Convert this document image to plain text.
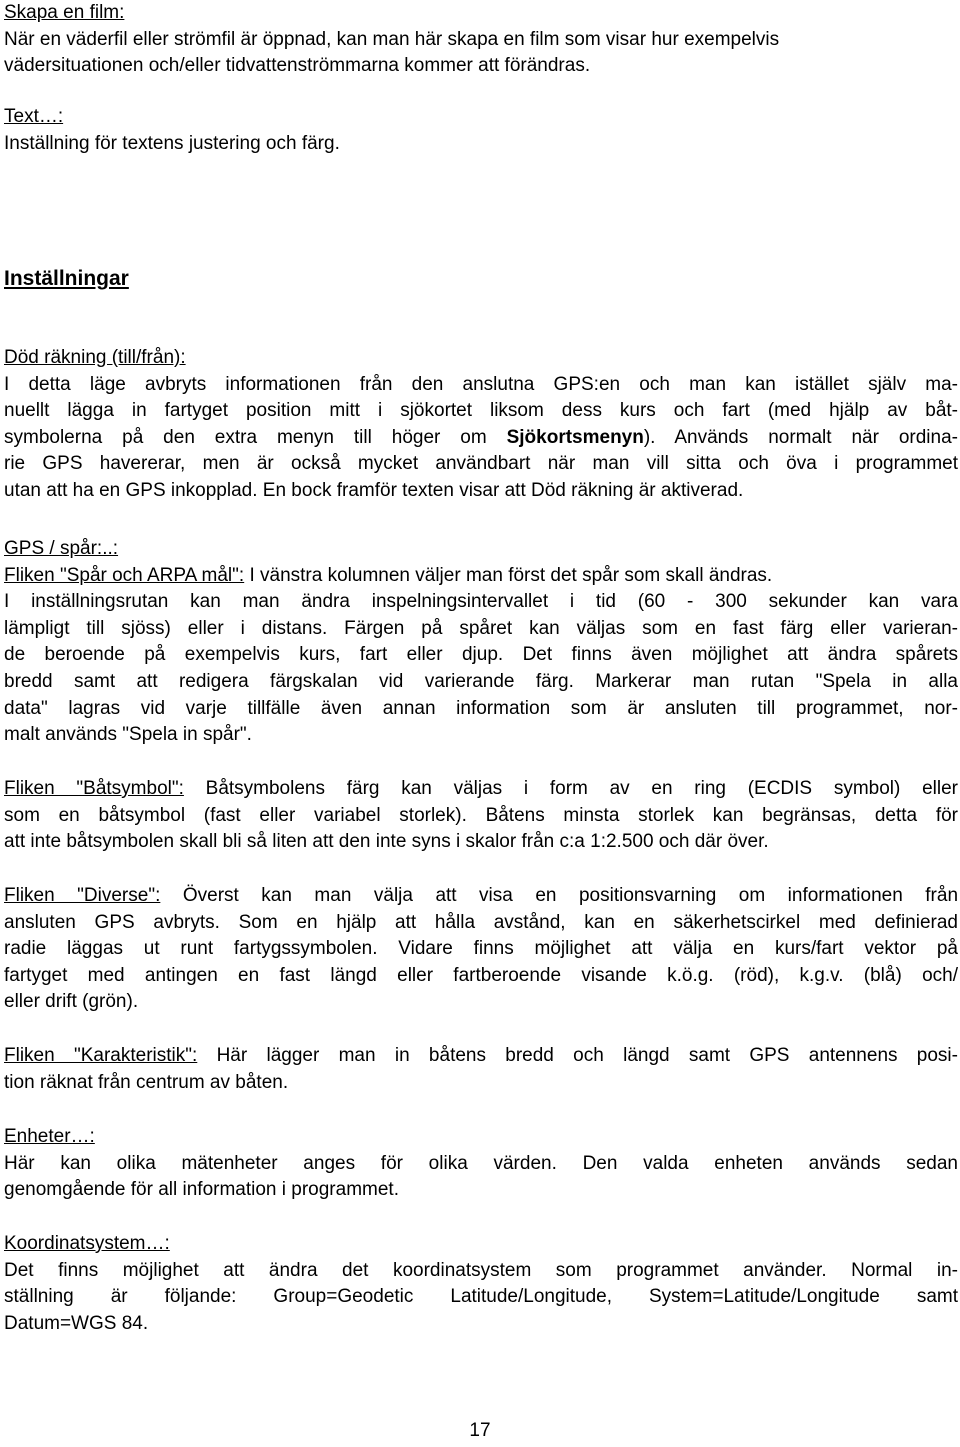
Skapa en film:
När en väderfil eller strömfil är öppnad, kan man här skapa en film som visar hur exempelvis
vädersituationen och/eller tidvattenströmmarna kommer att förändras.
Text…:
Inställning för textens justering och färg.
Inställningar
Död räkning (till/från):
I detta läge avbryts informationen från den anslutna GPS:en och man kan istället själv ma-
nuellt lägga in fartyget position mitt i sjökortet liksom dess kurs och fart (med hjälp av båt-
symbolerna på den extra menyn till höger om Sjökortsmenyn). Används normalt när ordina-
rie GPS havererar, men är också mycket användbart när man vill sitta och öva i programmet
utan att ha en GPS inkopplad. En bock framför texten visar att Död räkning är aktiverad.
GPS / spår:..:
Fliken "Spår och ARPA mål": I vänstra kolumnen väljer man först det spår som skall ändras.
I inställningsrutan kan man ändra inspelningsintervallet i tid (60 - 300 sekunder kan vara
lämpligt till sjöss) eller i distans. Färgen på spåret kan väljas som en fast färg eller varieran-
de beroende på exempelvis kurs, fart eller djup. Det finns även möjlighet att ändra spårets
bredd samt att redigera färgskalan vid varierande färg. Markerar man rutan "Spela in alla
data" lagras vid varje tillfälle även annan information som är ansluten till programmet, nor-
malt används "Spela in spår".
Fliken "Båtsymbol": Båtsymbolens färg kan väljas i form av en ring (ECDIS symbol) eller
som en båtsymbol (fast eller variabel storlek). Båtens minsta storlek kan begränsas, detta för
att inte båtsymbolen skall bli så liten att den inte syns i skalor från c:a 1:2.500 och där över.
Fliken "Diverse": Överst kan man välja att visa en positionsvarning om informationen från
ansluten GPS avbryts. Som en hjälp att hålla avstånd, kan en säkerhetscirkel med definierad
radie läggas ut runt fartygssymbolen. Vidare finns möjlighet att välja en kurs/fart vektor på
fartyget med antingen en fast längd eller fartberoende visande k.ö.g. (röd), k.g.v. (blå) och/
eller drift (grön).
Fliken "Karakteristik": Här lägger man in båtens bredd och längd samt GPS antennens posi-
tion räknat från centrum av båten.
Enheter…:
Här kan olika mätenheter anges för olika värden. Den valda enheten används sedan
genomgående för all information i programmet.
Koordinatsystem…:
Det finns möjlighet att ändra det koordinatsystem som programmet använder. Normal in-
ställning är följande: Group=Geodetic Latitude/Longitude, System=Latitude/Longitude samt
Datum=WGS 84.
17
